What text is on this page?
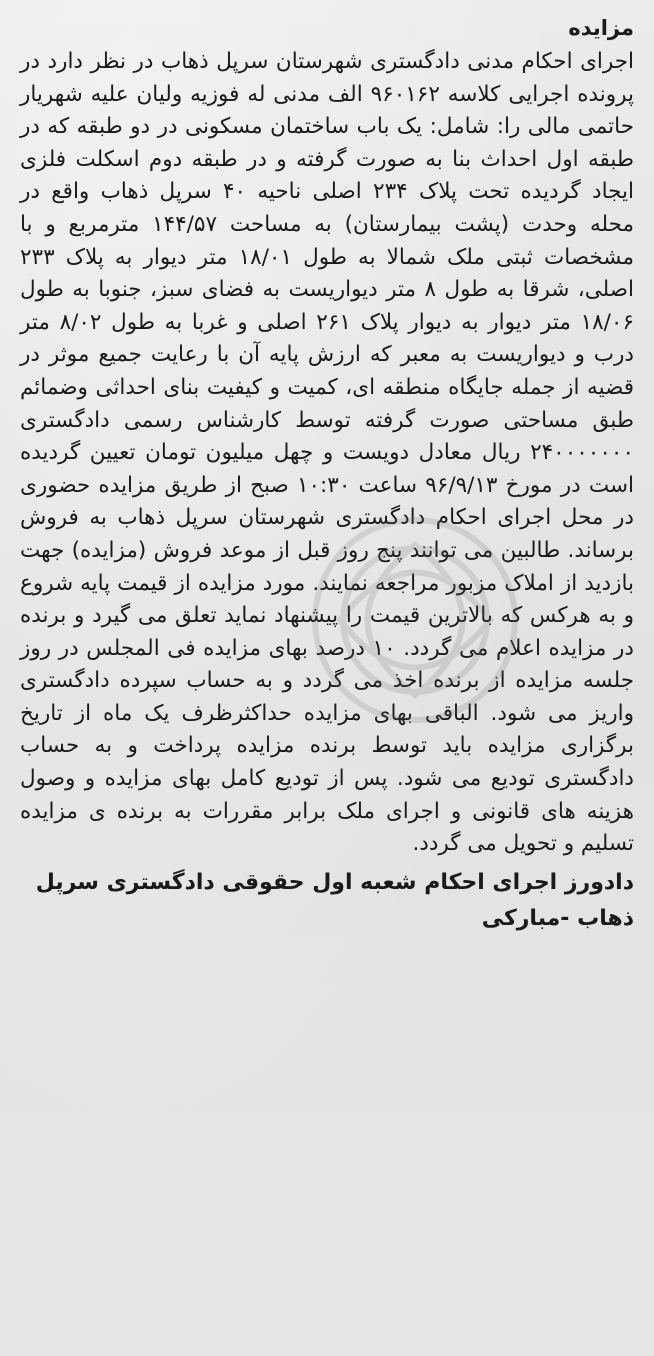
مزایده

اجرای احکام مدنی دادگستری شهرستان سرپل ذهاب در نظر دارد در پرونده اجرایی کلاسه ۹۶۰۱۶۲ الف مدنی له فوزیه ولیان علیه شهریار حاتمی مالی را: شامل: یک باب ساختمان مسکونی در دو طبقه که در طبقه اول احداث بنا به صورت گرفته و در طبقه دوم اسکلت فلزی ایجاد گردیده تحت پلاک ۲۳۴ اصلی ناحیه ۴۰ سرپل ذهاب واقع در محله وحدت (پشت بیمارستان) به مساحت ۱۴۴/۵۷ مترمربع و با مشخصات ثبتی ملک شمالا به طول ۱۸/۰۱ متر دیوار به پلاک ۲۳۳ اصلی، شرقا به طول ۸ متر دیواریست به فضای سبز، جنوبا به طول ۱۸/۰۶ متر دیوار به دیوار پلاک ۲۶۱ اصلی و غربا به طول ۸/۰۲ متر درب و دیواریست به معبر که ارزش پایه آن با رعایت جمیع موثر در قضیه از جمله جایگاه منطقه ای، کمیت و کیفیت بنای احداثی وضمائم طبق مساحتی صورت گرفته توسط کارشناس رسمی دادگستری ۲۴۰۰۰۰۰۰۰ ریال معادل دویست و چهل میلیون تومان تعیین گردیده است در مورخ ۹۶/۹/۱۳ ساعت ۱۰:۳۰ صبح از طریق مزایده حضوری در محل اجرای احکام دادگستری شهرستان سرپل ذهاب به فروش برساند. طالبین می توانند پنج روز قبل از موعد فروش (مزایده) جهت بازدید از املاک مزبور مراجعه نمایند. مورد مزایده از قیمت پایه شروع و به هرکس که بالاترین قیمت را پیشنهاد نماید تعلق می گیرد و برنده در مزایده اعلام می گردد. ۱۰ درصد بهای مزایده فی المجلس در روز جلسه مزایده از برنده اخذ می گردد و به حساب سپرده دادگستری واریز می شود. الباقی بهای مزایده حداکثرظرف یک ماه از تاریخ برگزاری مزایده باید توسط برنده مزایده پرداخت و به حساب دادگستری تودیع می شود. پس از تودیع کامل بهای مزایده و وصول هزینه های قانونی و اجرای ملک برابر مقررات به برنده ی مزایده تسلیم و تحویل می گردد.

دادورز اجرای احکام شعبه اول حقوقی دادگستری سرپل ذهاب -مبارکی
